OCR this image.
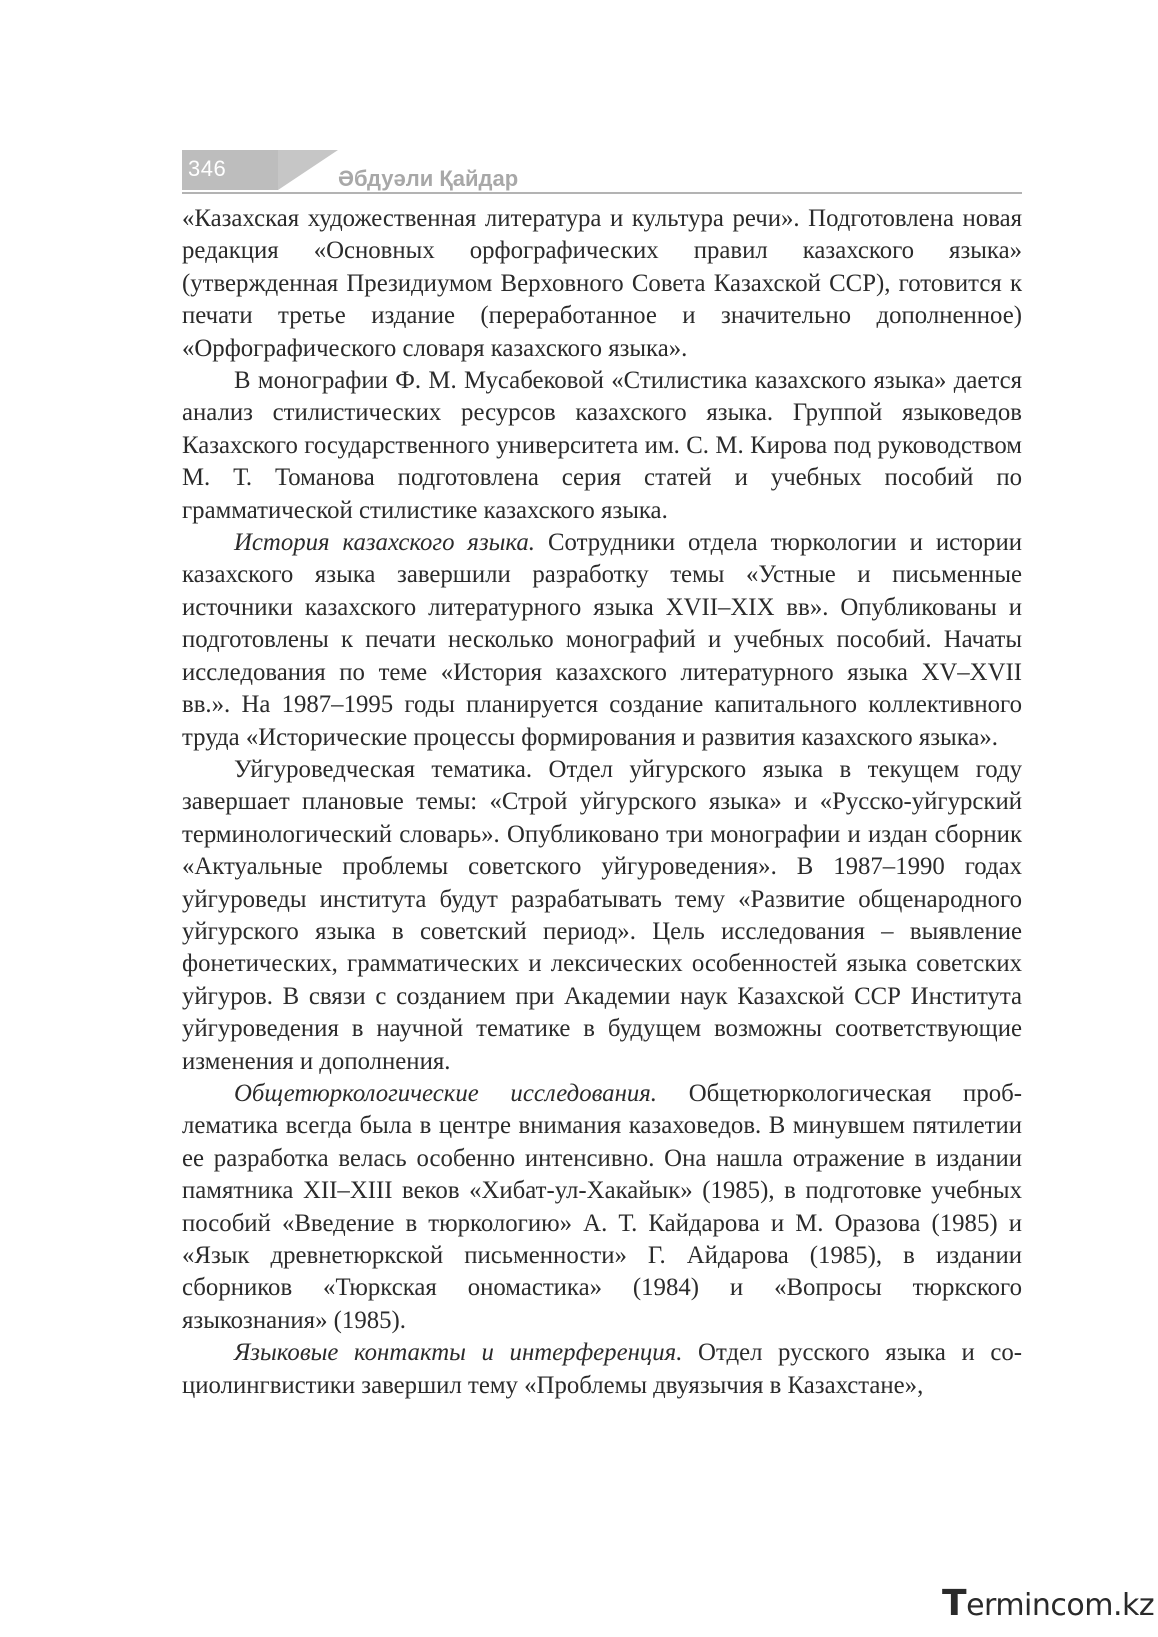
346	Әбдуәли Қайдар

«Казахская художественная литература и культура речи». Подготовлена новая редакция «Основных орфографических правил казахского языка» (утвержденная Президиумом Верховного Совета Казахской ССР), готовится к печати третье издание (переработанное и значительно дополненное) «Орфографического словаря казахского языка».

В монографии Ф. М. Мусабековой «Стилистика казахского языка» дается анализ стилистических ресурсов казахского языка. Группой языковедов Казахского государственного университета им. С. М. Кирова под руководством М. Т. Томанова подготовлена серия статей и учебных пособий по грамматической стилистике казахского языка.

История казахского языка. Сотрудники отдела тюркологии и истории казахского языка завершили разработку темы «Устные и письменные источники казахского литературного языка XVII–XIX вв». Опубликованы и подготовлены к печати несколько монографий и учебных пособий. Начаты исследования по теме «История казахского литературного языка XV–XVII вв.». На 1987–1995 годы планируется создание капитального коллективного труда «Исторические процессы формирования и развития казахского языка».

Уйгуроведческая тематика. Отдел уйгурского языка в текущем году завершает плановые темы: «Строй уйгурского языка» и «Русско-уйгурский терминологический словарь». Опубликовано три монографии и издан сборник «Актуальные проблемы советского уйгуроведения». В 1987–1990 годах уйгуроведы института будут разрабатывать тему «Развитие общенародного уйгурского языка в советский период». Цель исследования – выявление фонетических, грамматических и лексических особенностей языка советских уйгуров. В связи с созданием при Академии наук Казахской ССР Института уйгуроведения в научной тематике в будущем возможны соответствующие изменения и дополнения.

Общетюркологические исследования. Общетюркологическая проблематика всегда была в центре внимания казаховедов. В минувшем пятилетии ее разработка велась особенно интенсивно. Она нашла отражение в издании памятника XII–XIII веков «Хибат-ул-Хакайык» (1985), в подготовке учебных пособий «Введение в тюркологию» А. Т. Кайдарова и М. Оразова (1985) и «Язык древнетюркской письменности» Г. Айдарова (1985), в издании сборников «Тюркская ономастика» (1984) и «Вопросы тюркского языкознания» (1985).

Языковые контакты и интерференция. Отдел русского языка и социолингвистики завершил тему «Проблемы двуязычия в Казахстане»,

Termincom.kz
